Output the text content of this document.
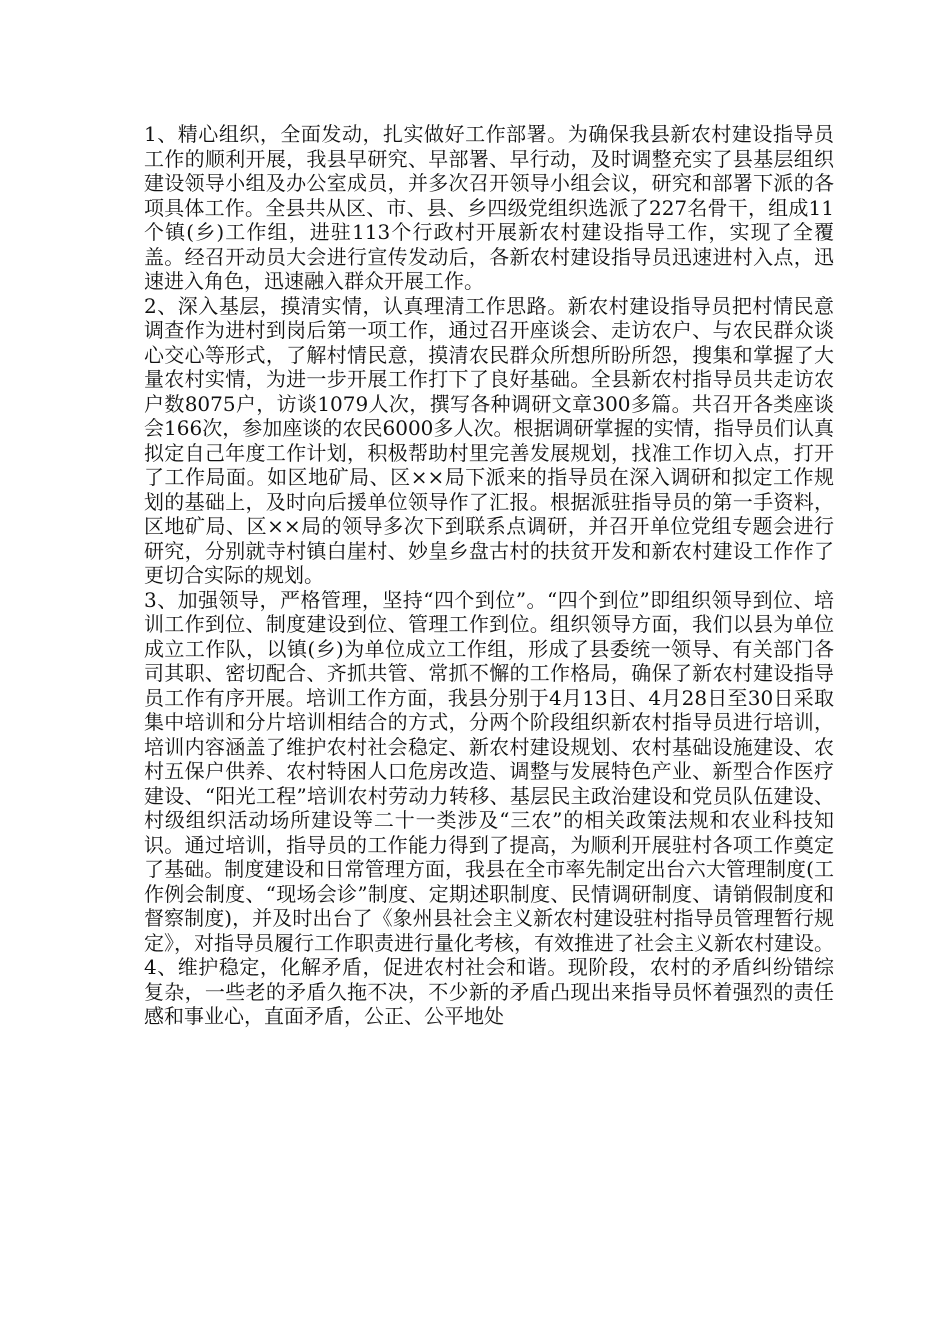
1、精心组织，全面发动，扎实做好工作部署。为确保我县新农村建设指导员工作的顺利开展，我县早研究、早部署、早行动，及时调整充实了县基层组织建设领导小组及办公室成员，并多次召开领导小组会议，研究和部署下派的各项具体工作。全县共从区、市、县、乡四级党组织选派了227名骨干，组成11个镇(乡)工作组，进驻113个行政村开展新农村建设指导工作，实现了全覆盖。经召开动员大会进行宣传发动后，各新农村建设指导员迅速进村入点，迅速进入角色，迅速融入群众开展工作。

2、深入基层，摸清实情，认真理清工作思路。新农村建设指导员把村情民意调查作为进村到岗后第一项工作，通过召开座谈会、走访农户、与农民群众谈心交心等形式，了解村情民意，摸清农民群众所想所盼所怨，搜集和掌握了大量农村实情，为进一步开展工作打下了良好基础。全县新农村指导员共走访农户数8075户，访谈1079人次，撰写各种调研文章300多篇。共召开各类座谈会166次，参加座谈的农民6000多人次。根据调研掌握的实情，指导员们认真拟定自己年度工作计划，积极帮助村里完善发展规划，找准工作切入点，打开了工作局面。如区地矿局、区××局下派来的指导员在深入调研和拟定工作规划的基础上，及时向后援单位领导作了汇报。根据派驻指导员的第一手资料，区地矿局、区××局的领导多次下到联系点调研，并召开单位党组专题会进行研究，分别就寺村镇白崖村、妙皇乡盘古村的扶贫开发和新农村建设工作作了更切合实际的规划。

3、加强领导，严格管理，坚持“四个到位”。“四个到位”即组织领导到位、培训工作到位、制度建设到位、管理工作到位。组织领导方面，我们以县为单位成立工作队，以镇(乡)为单位成立工作组，形成了县委统一领导、有关部门各司其职、密切配合、齐抓共管、常抓不懈的工作格局，确保了新农村建设指导员工作有序开展。培训工作方面，我县分别于4月13日、4月28日至30日采取集中培训和分片培训相结合的方式，分两个阶段组织新农村指导员进行培训，培训内容涵盖了维护农村社会稳定、新农村建设规划、农村基础设施建设、农村五保户供养、农村特困人口危房改造、调整与发展特色产业、新型合作医疗建设、“阳光工程”培训农村劳动力转移、基层民主政治建设和党员队伍建设、村级组织活动场所建设等二十一类涉及“三农”的相关政策法规和农业科技知识。通过培训，指导员的工作能力得到了提高，为顺利开展驻村各项工作奠定了基础。制度建设和日常管理方面，我县在全市率先制定出台六大管理制度(工作例会制度、“现场会诊”制度、定期述职制度、民情调研制度、请销假制度和督察制度)，并及时出台了《象州县社会主义新农村建设驻村指导员管理暂行规定》，对指导员履行工作职责进行量化考核，有效推进了社会主义新农村建设。

4、维护稳定，化解矛盾，促进农村社会和谐。现阶段，农村的矛盾纠纷错综复杂，一些老的矛盾久拖不决，不少新的矛盾凸现出来指导员怀着强烈的责任感和事业心，直面矛盾，公正、公平地处
